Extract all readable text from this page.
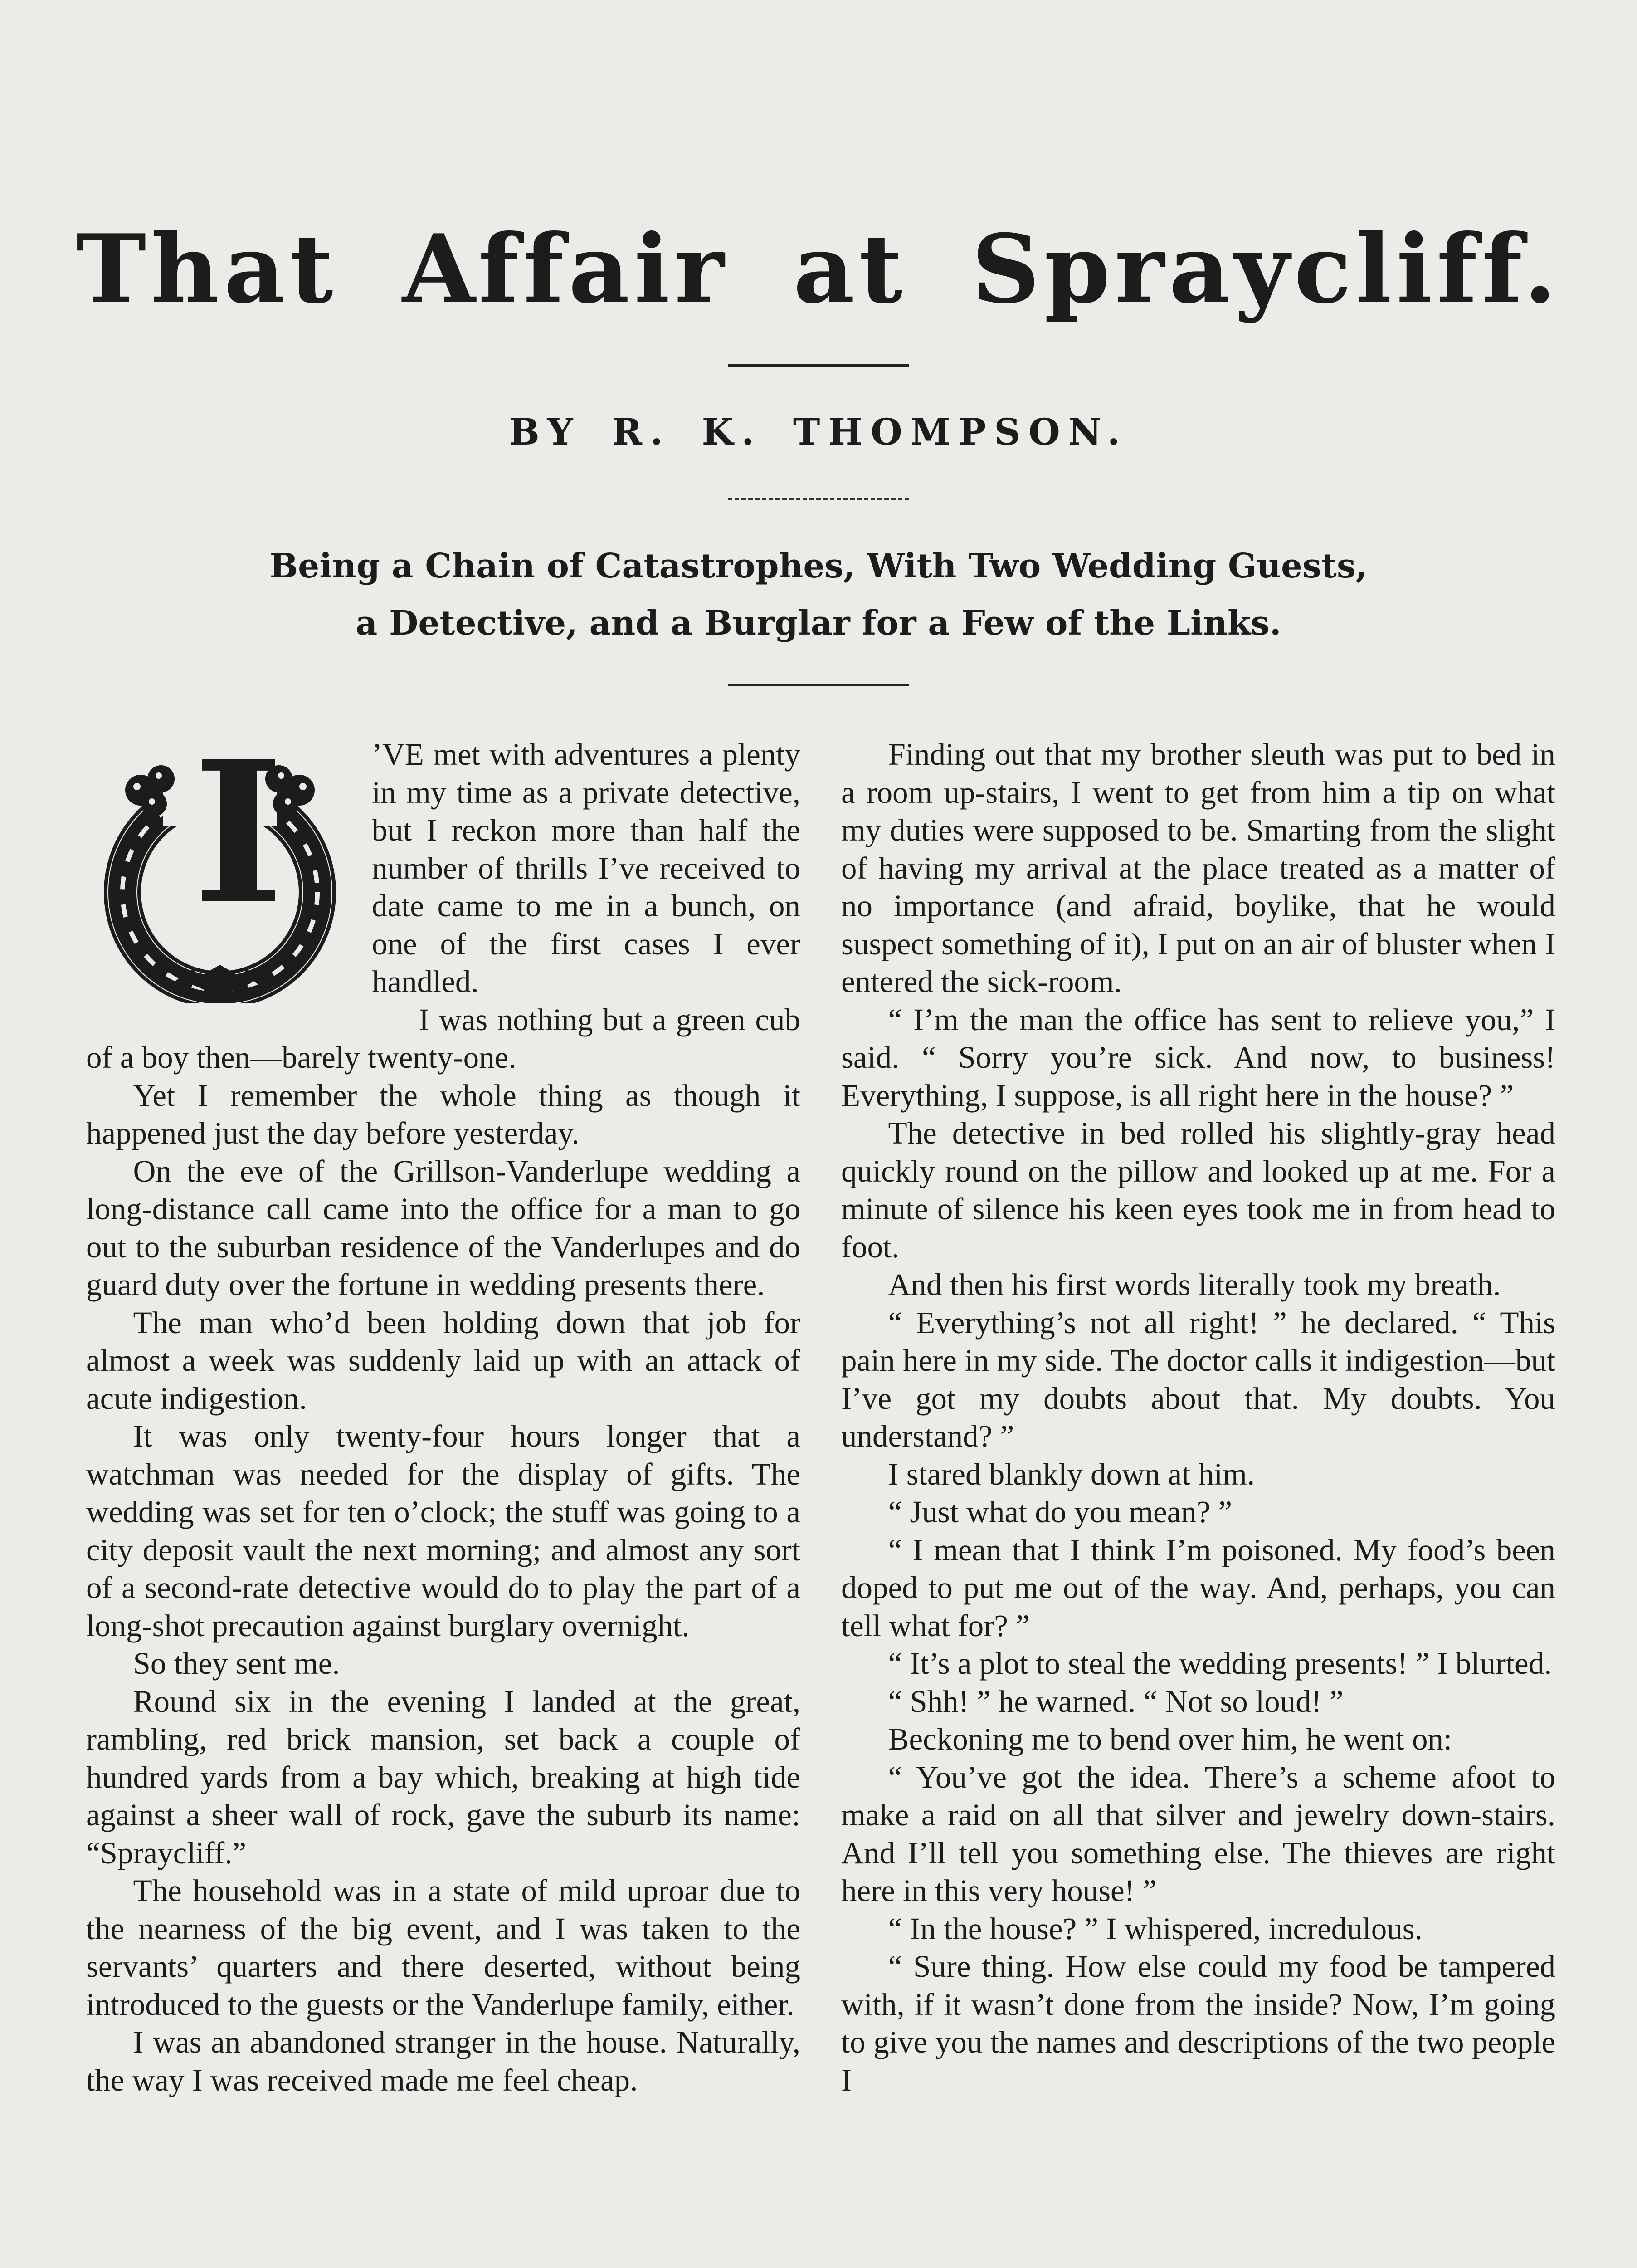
That Affair at Spraycliff.

BY R. K. THOMPSON.

Being a Chain of Catastrophes, With Two Wedding Guests,
a Detective, and a Burglar for a Few of the Links.

I	’VE met with adventures a plenty in my time as a private detective, but I reckon more than half the number of thrills I’ve received to date came to me in a bunch, on one of the first cases I ever handled.

I was nothing but a green cub of a boy then—barely twenty-one.

Yet I remember the whole thing as though it happened just the day before yesterday.

On the eve of the Grillson-Vanderlupe wedding a long-distance call came into the office for a man to go out to the suburban residence of the Vanderlupes and do guard duty over the fortune in wedding presents there.

The man who’d been holding down that job for almost a week was suddenly laid up with an attack of acute indigestion.

It was only twenty-four hours longer that a watchman was needed for the display of gifts. The wedding was set for ten o’clock; the stuff was going to a city deposit vault the next morning; and almost any sort of a second-rate detective would do to play the part of a long-shot precaution against burglary overnight.

So they sent me.

Round six in the evening I landed at the great, rambling, red brick mansion, set back a couple of hundred yards from a bay which, breaking at high tide against a sheer wall of rock, gave the suburb its name: “Spraycliff.”

The household was in a state of mild uproar due to the nearness of the big event, and I was taken to the servants’ quarters and there deserted, without being introduced to the guests or the Vanderlupe family, either.

I was an abandoned stranger in the house. Naturally, the way I was received made me feel cheap.

Finding out that my brother sleuth was put to bed in a room up-stairs, I went to get from him a tip on what my duties were supposed to be. Smarting from the slight of having my arrival at the place treated as a matter of no importance (and afraid, boylike, that he would suspect something of it), I put on an air of bluster when I entered the sick-room.

“ I’m the man the office has sent to relieve you,” I said. “ Sorry you’re sick. And now, to business! Everything, I suppose, is all right here in the house? ”

The detective in bed rolled his slightly-gray head quickly round on the pillow and looked up at me. For a minute of silence his keen eyes took me in from head to foot.

And then his first words literally took my breath.

“ Everything’s not all right! ” he declared. “ This pain here in my side. The doctor calls it indigestion—but I’ve got my doubts about that. My doubts. You understand? ”

I stared blankly down at him.

“ Just what do you mean? ”

“ I mean that I think I’m poisoned. My food’s been doped to put me out of the way. And, perhaps, you can tell what for? ”

“ It’s a plot to steal the wedding presents! ” I blurted.

“ Shh! ” he warned. “ Not so loud! ”

Beckoning me to bend over him, he went on:

“ You’ve got the idea. There’s a scheme afoot to make a raid on all that silver and jewelry down-stairs. And I’ll tell you something else. The thieves are right here in this very house! ”

“ In the house? ” I whispered, incredulous.

“ Sure thing. How else could my food be tampered with, if it wasn’t done from the inside? Now, I’m going to give you the names and descriptions of the two people I
